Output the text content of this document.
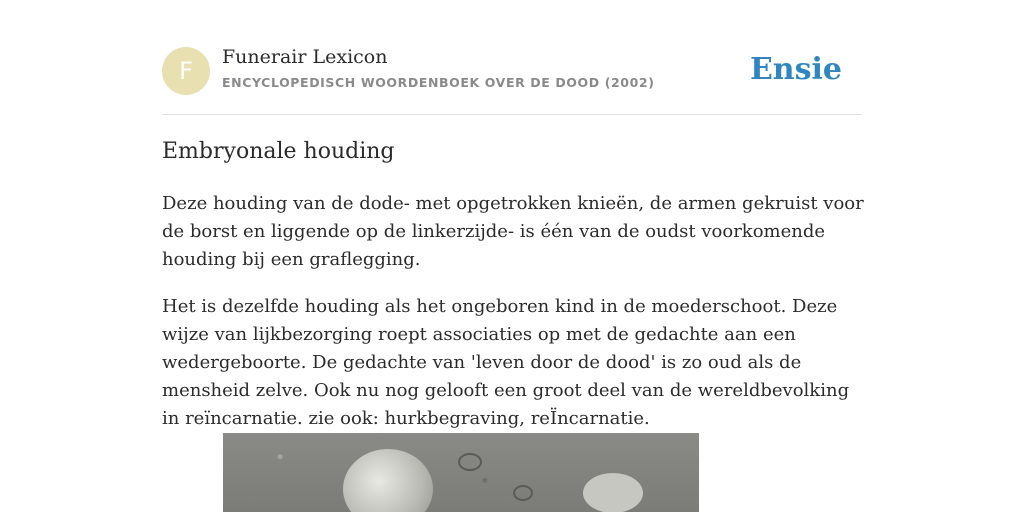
F	Funerair Lexicon
ENCYCLOPEDISCH WOORDENBOEK OVER DE DOOD (2002)	Ensie
Embryonale houding

Deze houding van de dode- met opgetrokken knieën, de armen gekruist voor de borst en liggende op de linkerzijde- is één van de oudst voorkomende houding bij een graflegging.

Het is dezelfde houding als het ongeboren kind in de moederschoot. Deze wijze van lijkbezorging roept associaties op met de gedachte aan een wedergeboorte. De gedachte van 'leven door de dood' is zo oud als de mensheid zelve. Ook nu nog gelooft een groot deel van de wereldbevolking in reïncarnatie. zie ook: hurkbegraving, reÏncarnatie.
